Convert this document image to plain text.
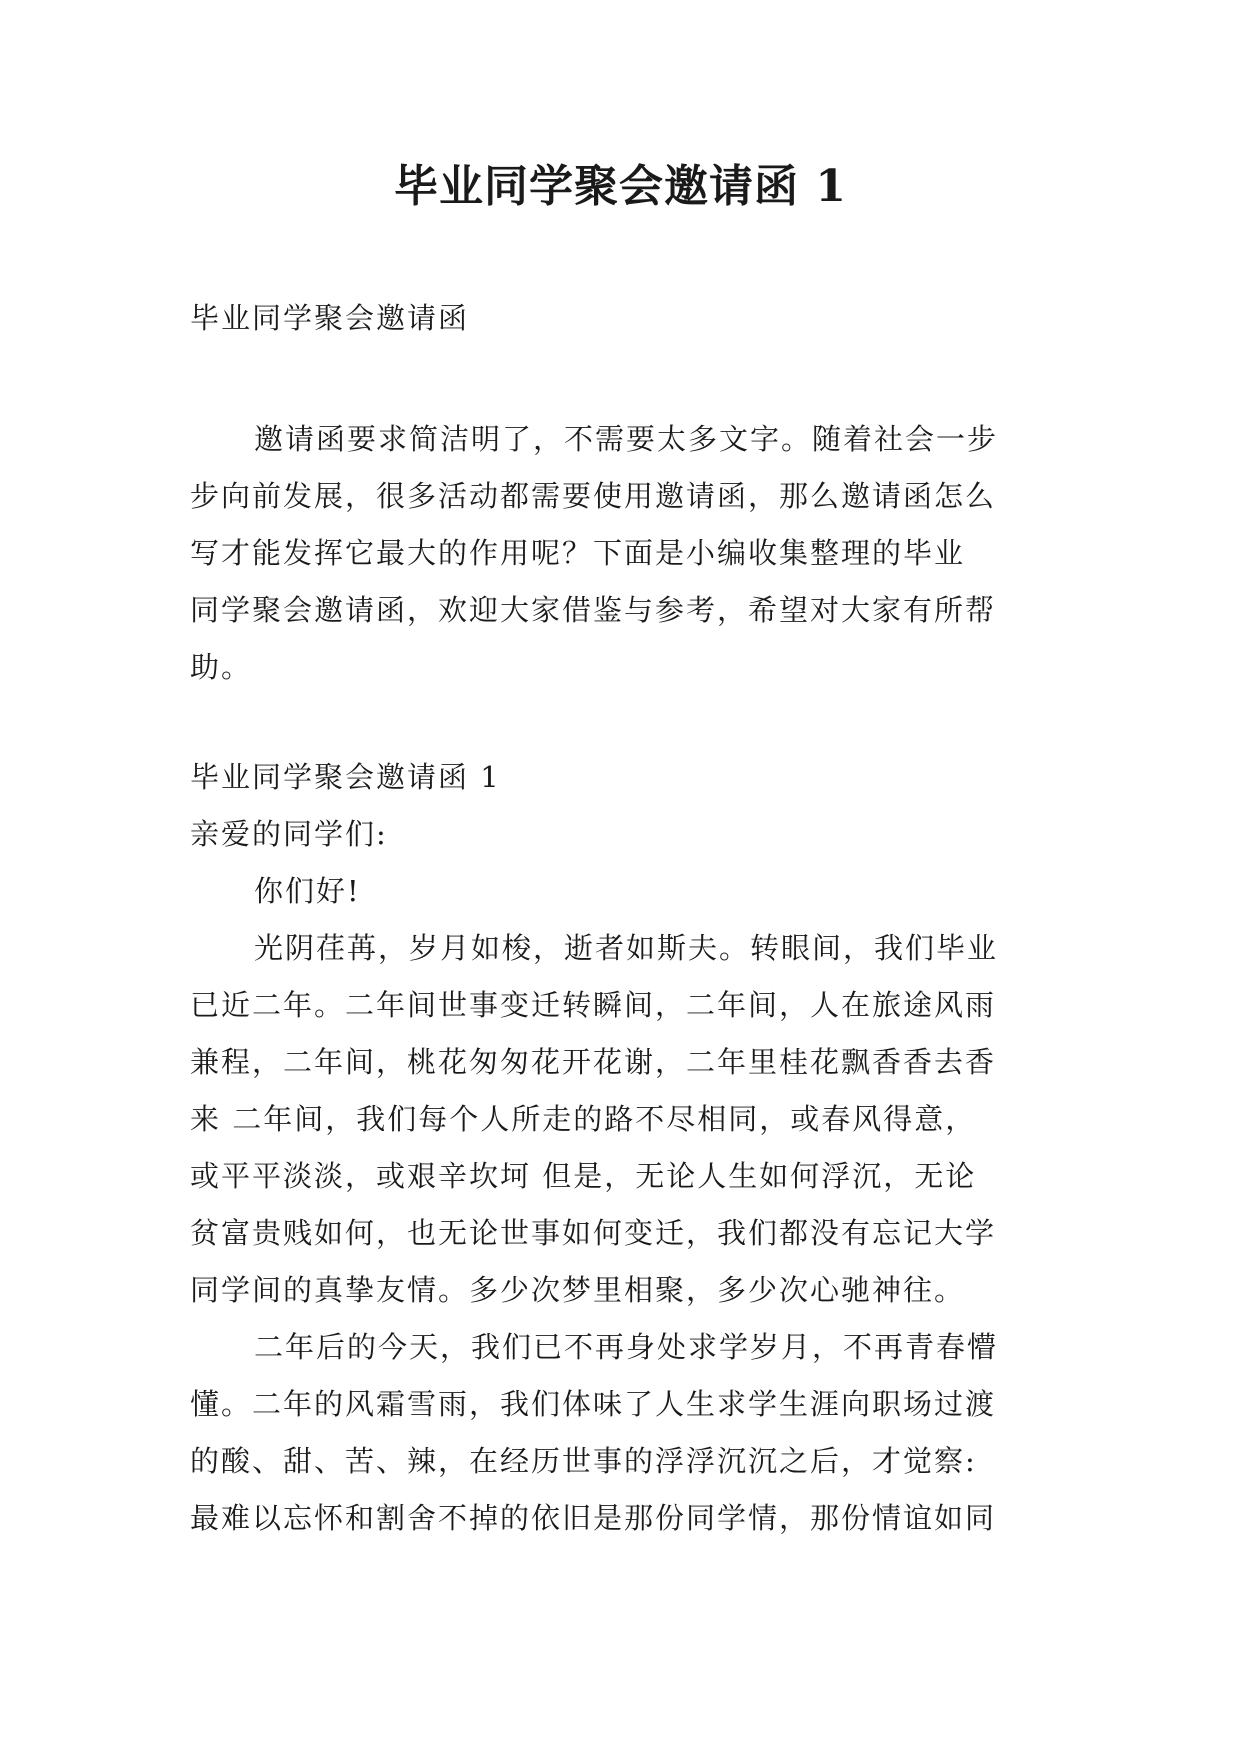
毕业同学聚会邀请函 1

毕业同学聚会邀请函

邀请函要求简洁明了，不需要太多文字。随着社会一步

步向前发展，很多活动都需要使用邀请函，那么邀请函怎么

写才能发挥它最大的作用呢？下面是小编收集整理的毕业

同学聚会邀请函，欢迎大家借鉴与参考，希望对大家有所帮

助。

毕业同学聚会邀请函 1

亲爱的同学们:

你们好!

光阴荏苒，岁月如梭，逝者如斯夫。转眼间，我们毕业

已近二年。二年间世事变迁转瞬间，二年间，人在旅途风雨

兼程，二年间，桃花匆匆花开花谢，二年里桂花飘香香去香

来 二年间，我们每个人所走的路不尽相同，或春风得意，

或平平淡淡，或艰辛坎坷 但是，无论人生如何浮沉，无论

贫富贵贱如何，也无论世事如何变迁，我们都没有忘记大学

同学间的真挚友情。多少次梦里相聚，多少次心驰神往。

二年后的今天，我们已不再身处求学岁月，不再青春懵

懂。二年的风霜雪雨，我们体味了人生求学生涯向职场过渡

的酸、甜、苦、辣，在经历世事的浮浮沉沉之后，才觉察:

最难以忘怀和割舍不掉的依旧是那份同学情，那份情谊如同
